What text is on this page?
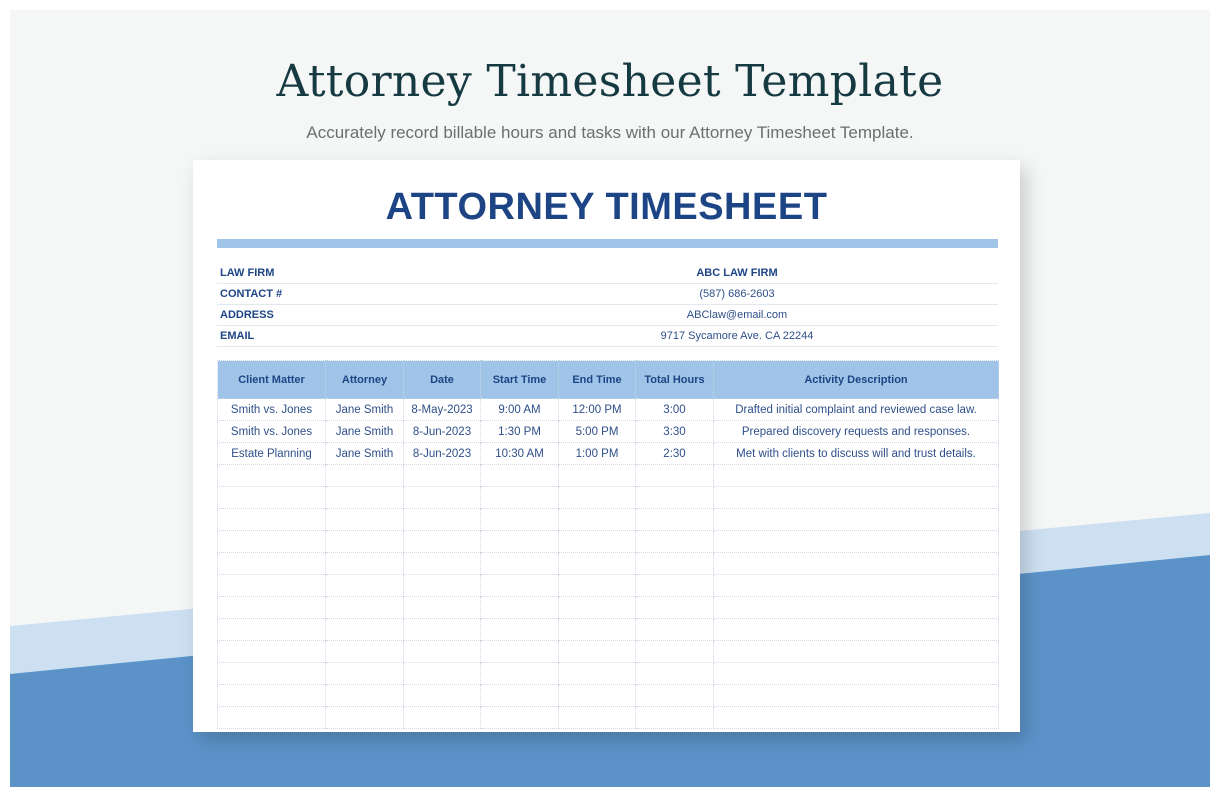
Attorney Timesheet Template
Accurately record billable hours and tasks with our Attorney Timesheet Template.
ATTORNEY TIMESHEET
LAW FIRM	ABC LAW FIRM
CONTACT #	(587) 686-2603
ADDRESS	ABClaw@email.com
EMAIL	9717 Sycamore Ave. CA 22244
Client Matter	Attorney	Date	Start Time	End Time	Total Hours	Activity Description
Smith vs. Jones	Jane Smith	8-May-2023	9:00 AM	12:00 PM	3:00	Drafted initial complaint and reviewed case law.
Smith vs. Jones	Jane Smith	8-Jun-2023	1:30 PM	5:00 PM	3:30	Prepared discovery requests and responses.
Estate Planning	Jane Smith	8-Jun-2023	10:30 AM	1:00 PM	2:30	Met with clients to discuss will and trust details.
